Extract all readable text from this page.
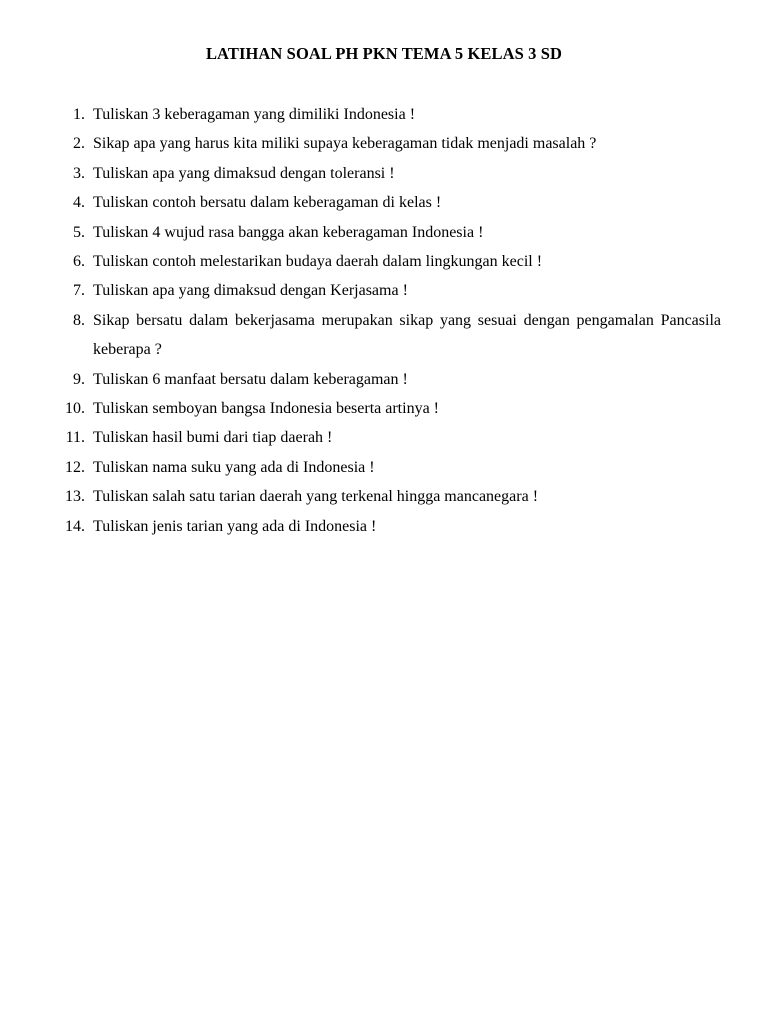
LATIHAN SOAL PH PKN TEMA 5 KELAS 3 SD
1. Tuliskan 3 keberagaman yang dimiliki Indonesia !
2. Sikap apa yang harus kita miliki supaya keberagaman tidak menjadi masalah ?
3. Tuliskan apa yang dimaksud dengan toleransi !
4. Tuliskan contoh bersatu dalam keberagaman di kelas !
5. Tuliskan 4 wujud rasa bangga akan keberagaman Indonesia !
6. Tuliskan contoh melestarikan budaya daerah dalam lingkungan kecil !
7. Tuliskan apa yang dimaksud dengan Kerjasama !
8. Sikap bersatu dalam bekerjasama merupakan sikap yang sesuai dengan pengamalan Pancasila keberapa ?
9. Tuliskan 6 manfaat bersatu dalam keberagaman !
10. Tuliskan semboyan bangsa Indonesia beserta artinya !
11. Tuliskan hasil bumi dari tiap daerah !
12. Tuliskan nama suku yang ada di Indonesia !
13. Tuliskan salah satu tarian daerah yang terkenal hingga mancanegara !
14. Tuliskan jenis tarian yang ada di Indonesia !
